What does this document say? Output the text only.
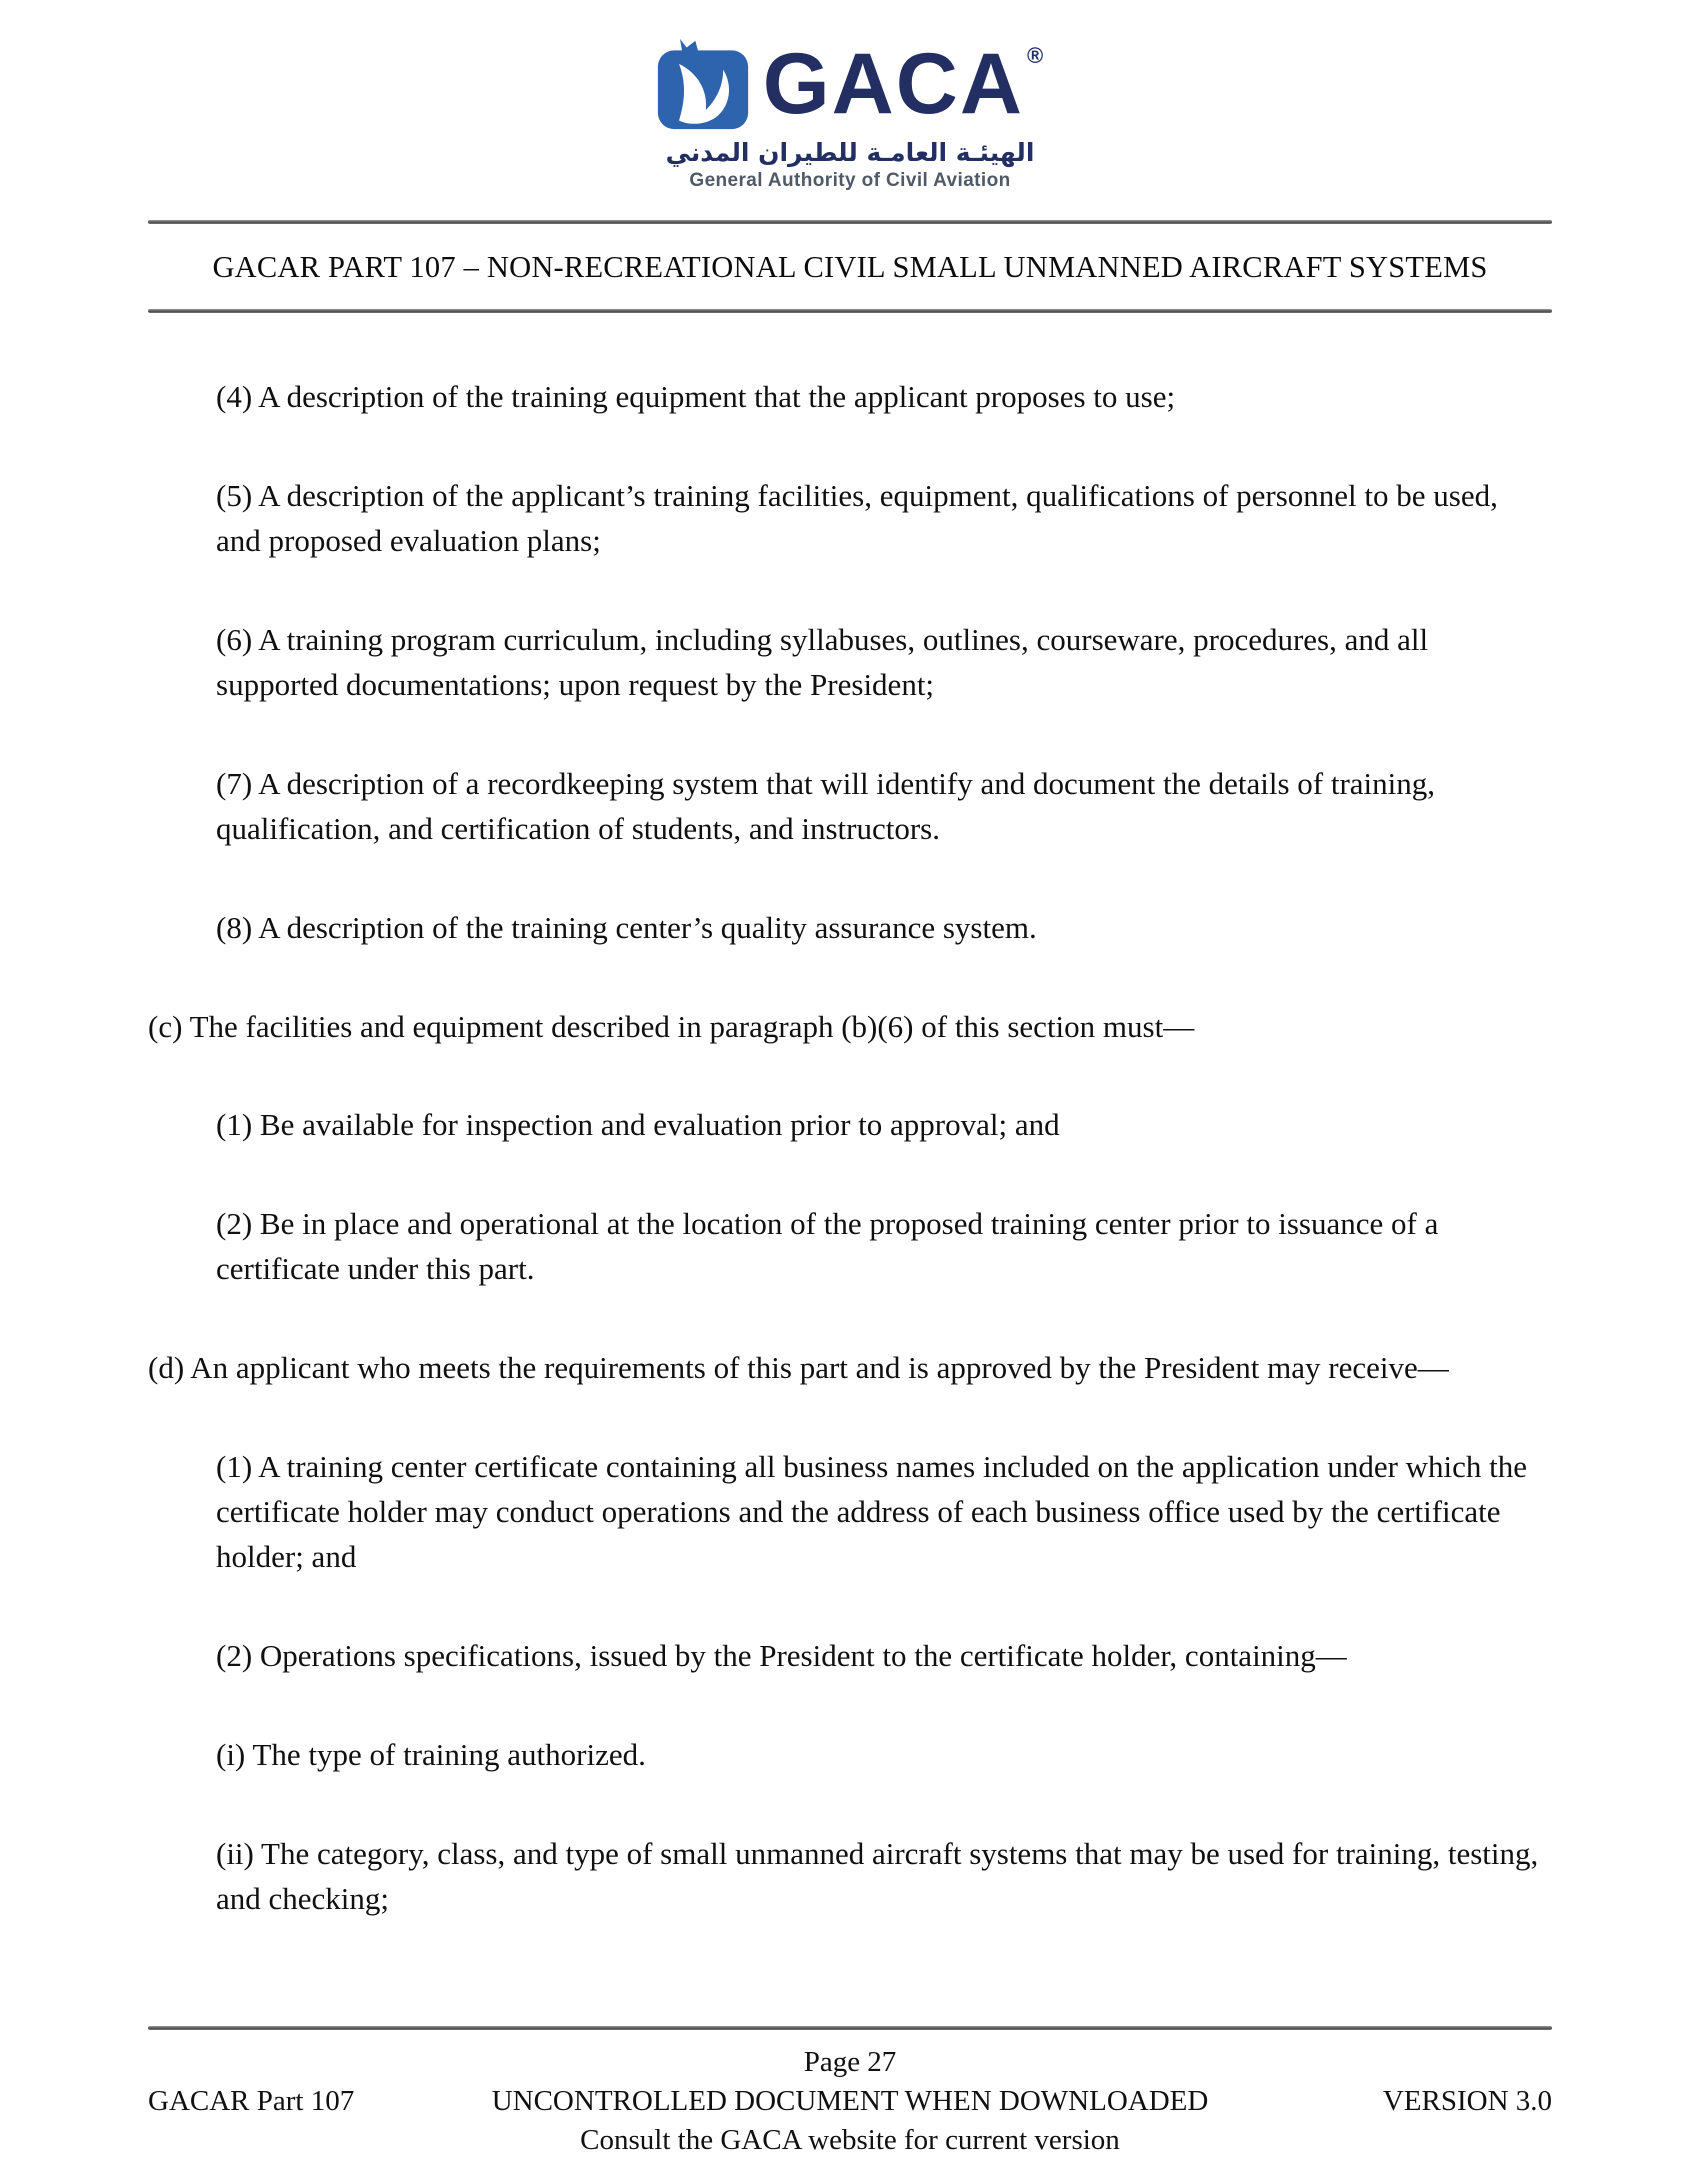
GACA ®
الهيئـة العامـة للطيران المدني
General Authority of Civil Aviation
GACAR PART 107 – NON-RECREATIONAL CIVIL SMALL UNMANNED AIRCRAFT SYSTEMS

(4) A description of the training equipment that the applicant proposes to use;

(5) A description of the applicant’s training facilities, equipment, qualifications of personnel to be used, and proposed evaluation plans;

(6) A training program curriculum, including syllabuses, outlines, courseware, procedures, and all supported documentations; upon request by the President;

(7) A description of a recordkeeping system that will identify and document the details of training, qualification, and certification of students, and instructors.

(8) A description of the training center’s quality assurance system.

(c) The facilities and equipment described in paragraph (b)(6) of this section must—

(1) Be available for inspection and evaluation prior to approval; and

(2) Be in place and operational at the location of the proposed training center prior to issuance of a certificate under this part.

(d) An applicant who meets the requirements of this part and is approved by the President may receive—

(1) A training center certificate containing all business names included on the application under which the certificate holder may conduct operations and the address of each business office used by the certificate holder; and

(2) Operations specifications, issued by the President to the certificate holder, containing—

(i) The type of training authorized.

(ii) The category, class, and type of small unmanned aircraft systems that may be used for training, testing, and checking;

Page 27
GACAR Part 107	UNCONTROLLED DOCUMENT WHEN DOWNLOADED	VERSION 3.0
Consult the GACA website for current version
